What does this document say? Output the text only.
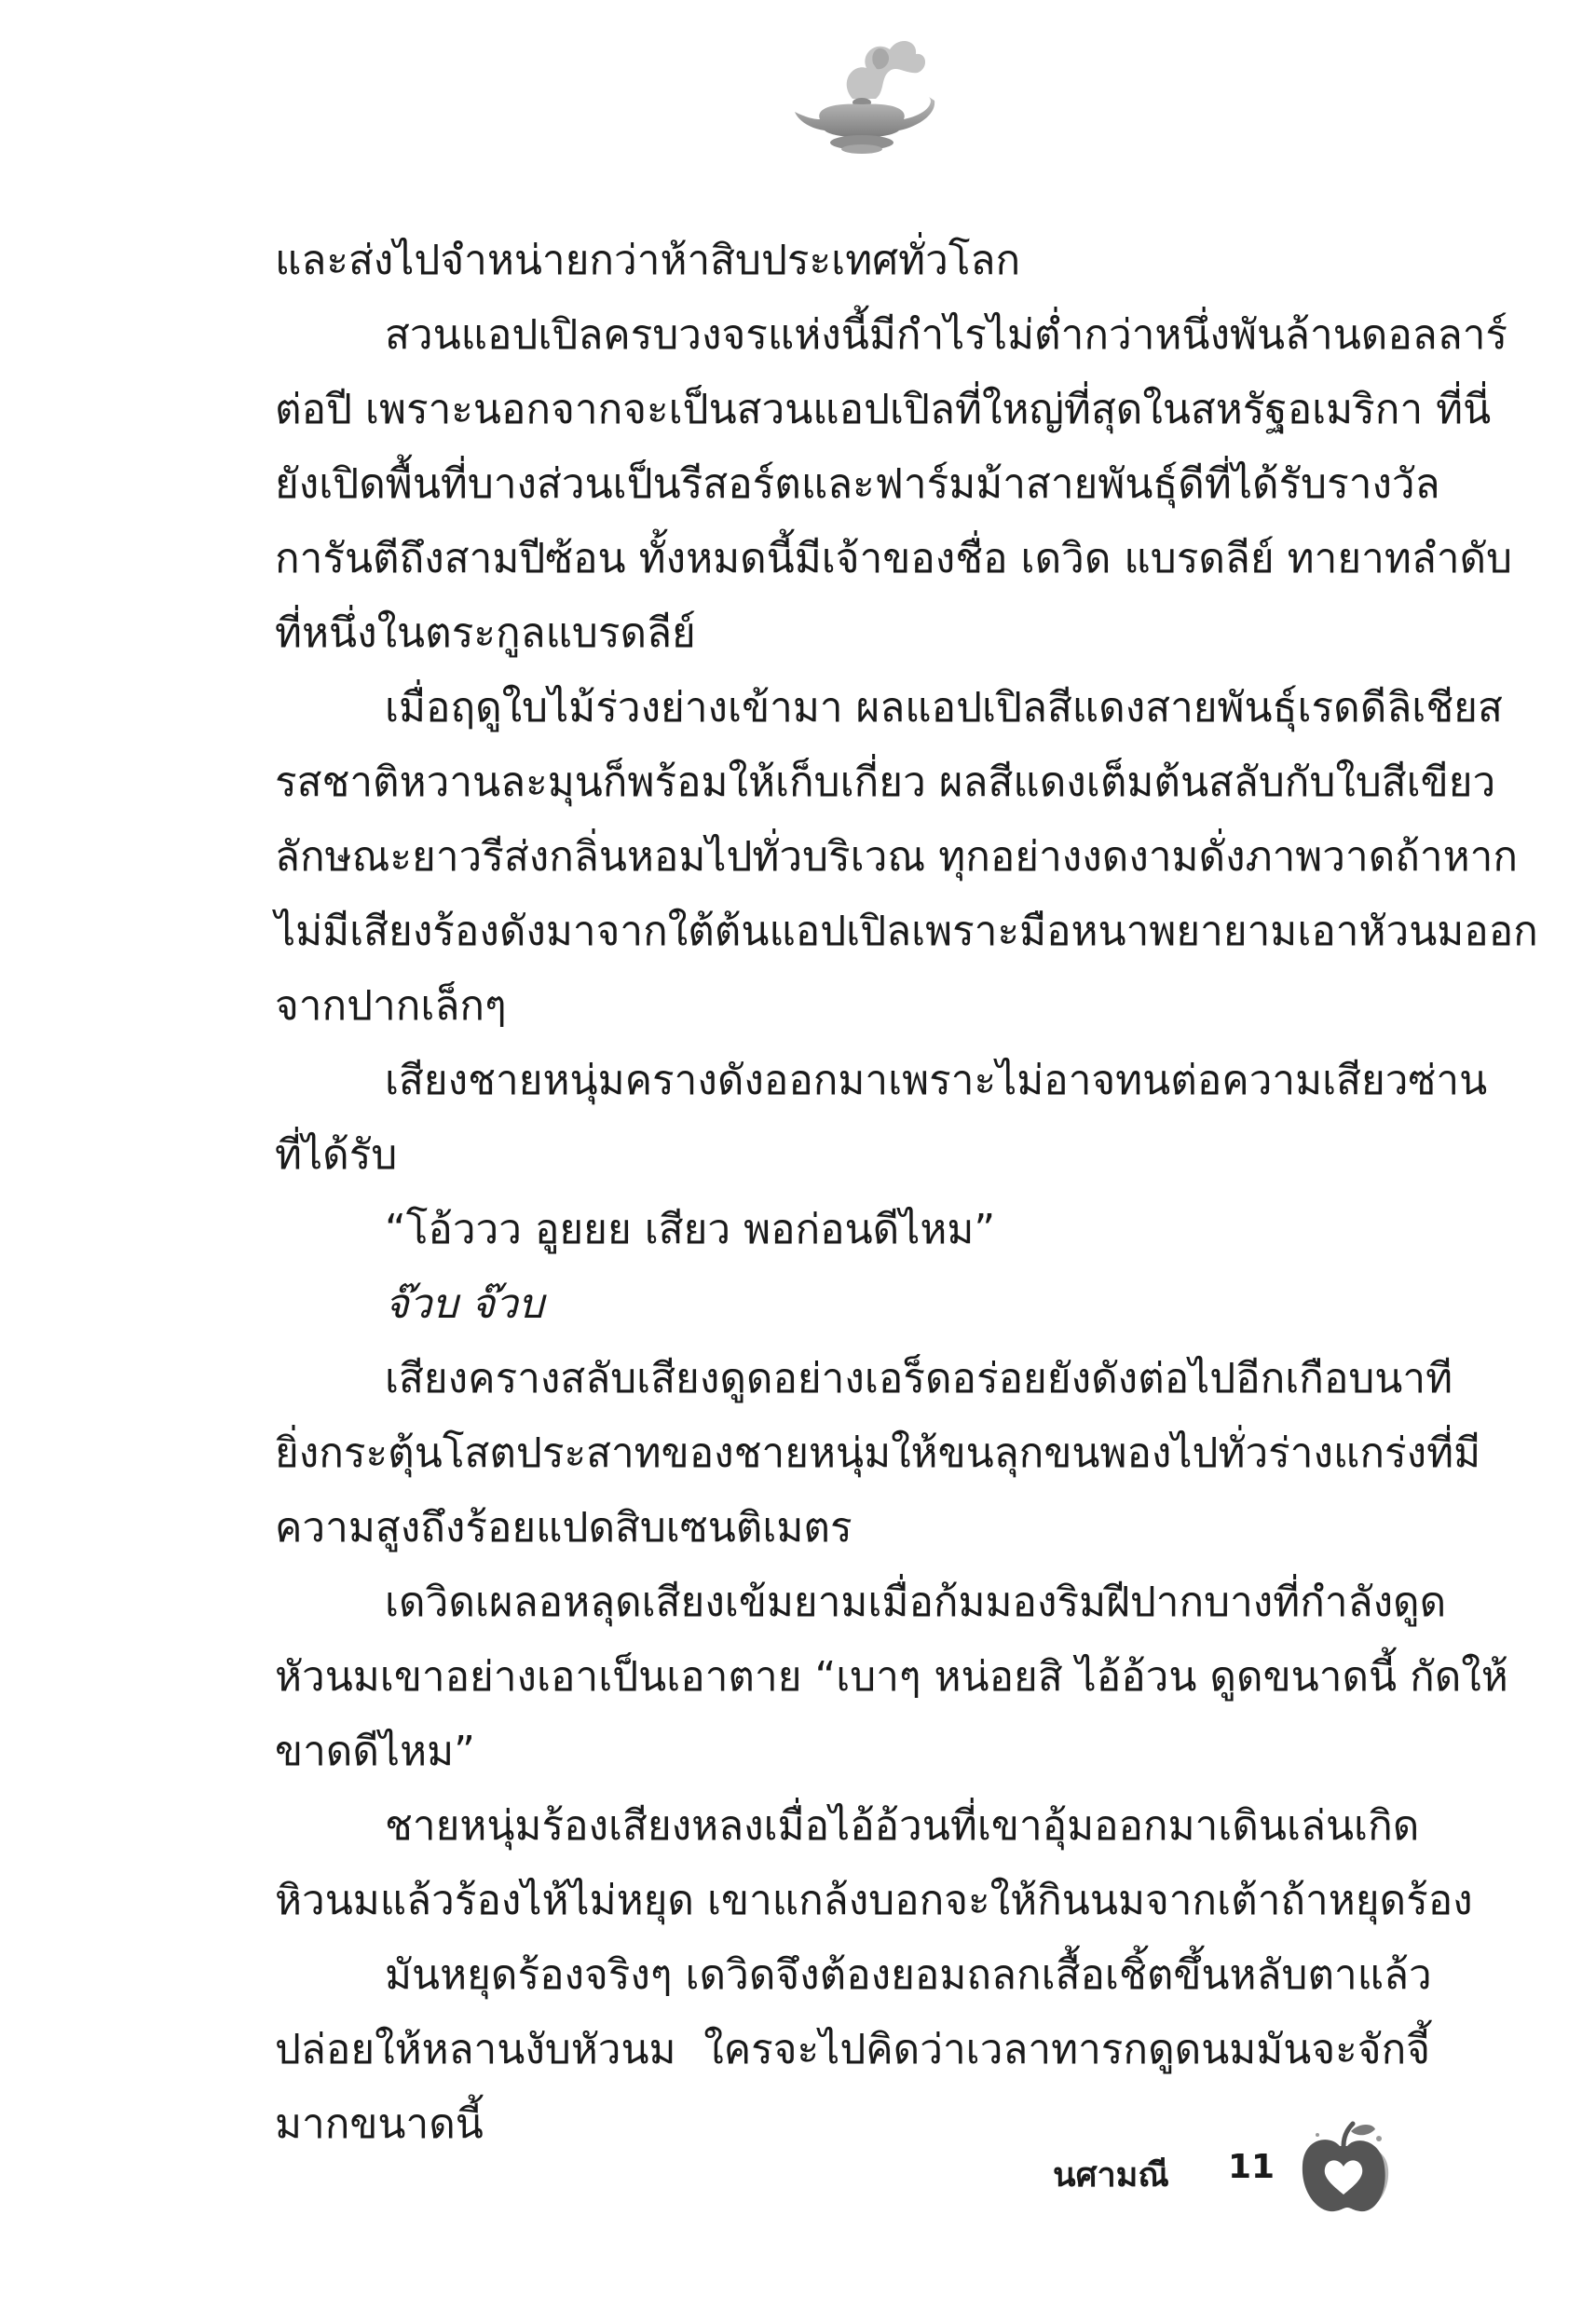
และส่งไปจำหน่ายกว่าห้าสิบประเทศทั่วโลก
สวนแอปเปิลครบวงจรแห่งนี้มีกำไรไม่ต่ำกว่าหนึ่งพันล้านดอลลาร์
ต่อปี เพราะนอกจากจะเป็นสวนแอปเปิลที่ใหญ่ที่สุดในสหรัฐอเมริกา ที่นี่
ยังเปิดพื้นที่บางส่วนเป็นรีสอร์ตและฟาร์มม้าสายพันธุ์ดีที่ได้รับรางวัล
การันตีถึงสามปีซ้อน ทั้งหมดนี้มีเจ้าของชื่อ เดวิด แบรดลีย์ ทายาทลำดับ
ที่หนึ่งในตระกูลแบรดลีย์
เมื่อฤดูใบไม้ร่วงย่างเข้ามา ผลแอปเปิลสีแดงสายพันธุ์เรดดีลิเชียส
รสชาติหวานละมุนก็พร้อมให้เก็บเกี่ยว ผลสีแดงเต็มต้นสลับกับใบสีเขียว
ลักษณะยาวรีส่งกลิ่นหอมไปทั่วบริเวณ ทุกอย่างงดงามดั่งภาพวาดถ้าหาก
ไม่มีเสียงร้องดังมาจากใต้ต้นแอปเปิลเพราะมือหนาพยายามเอาหัวนมออก
จากปากเล็กๆ
เสียงชายหนุ่มครางดังออกมาเพราะไม่อาจทนต่อความเสียวซ่าน
ที่ได้รับ
“โอ้ววว อูยยย เสียว พอก่อนดีไหม”
จ๊วบ จ๊วบ
เสียงครางสลับเสียงดูดอย่างเอร็ดอร่อยยังดังต่อไปอีกเกือบนาที
ยิ่งกระตุ้นโสตประสาทของชายหนุ่มให้ขนลุกขนพองไปทั่วร่างแกร่งที่มี
ความสูงถึงร้อยแปดสิบเซนติเมตร
เดวิดเผลอหลุดเสียงเข้มยามเมื่อก้มมองริมฝีปากบางที่กำลังดูด
หัวนมเขาอย่างเอาเป็นเอาตาย “เบาๆ หน่อยสิ ไอ้อ้วน ดูดขนาดนี้ กัดให้
ขาดดีไหม”
ชายหนุ่มร้องเสียงหลงเมื่อไอ้อ้วนที่เขาอุ้มออกมาเดินเล่นเกิด
หิวนมแล้วร้องไห้ไม่หยุด เขาแกล้งบอกจะให้กินนมจากเต้าถ้าหยุดร้อง
มันหยุดร้องจริงๆ เดวิดจึงต้องยอมถลกเสื้อเชิ้ตขึ้นหลับตาแล้ว
ปล่อยให้หลานงับหัวนม ใครจะไปคิดว่าเวลาทารกดูดนมมันจะจักจี้
มากขนาดนี้
นศามณี 11
